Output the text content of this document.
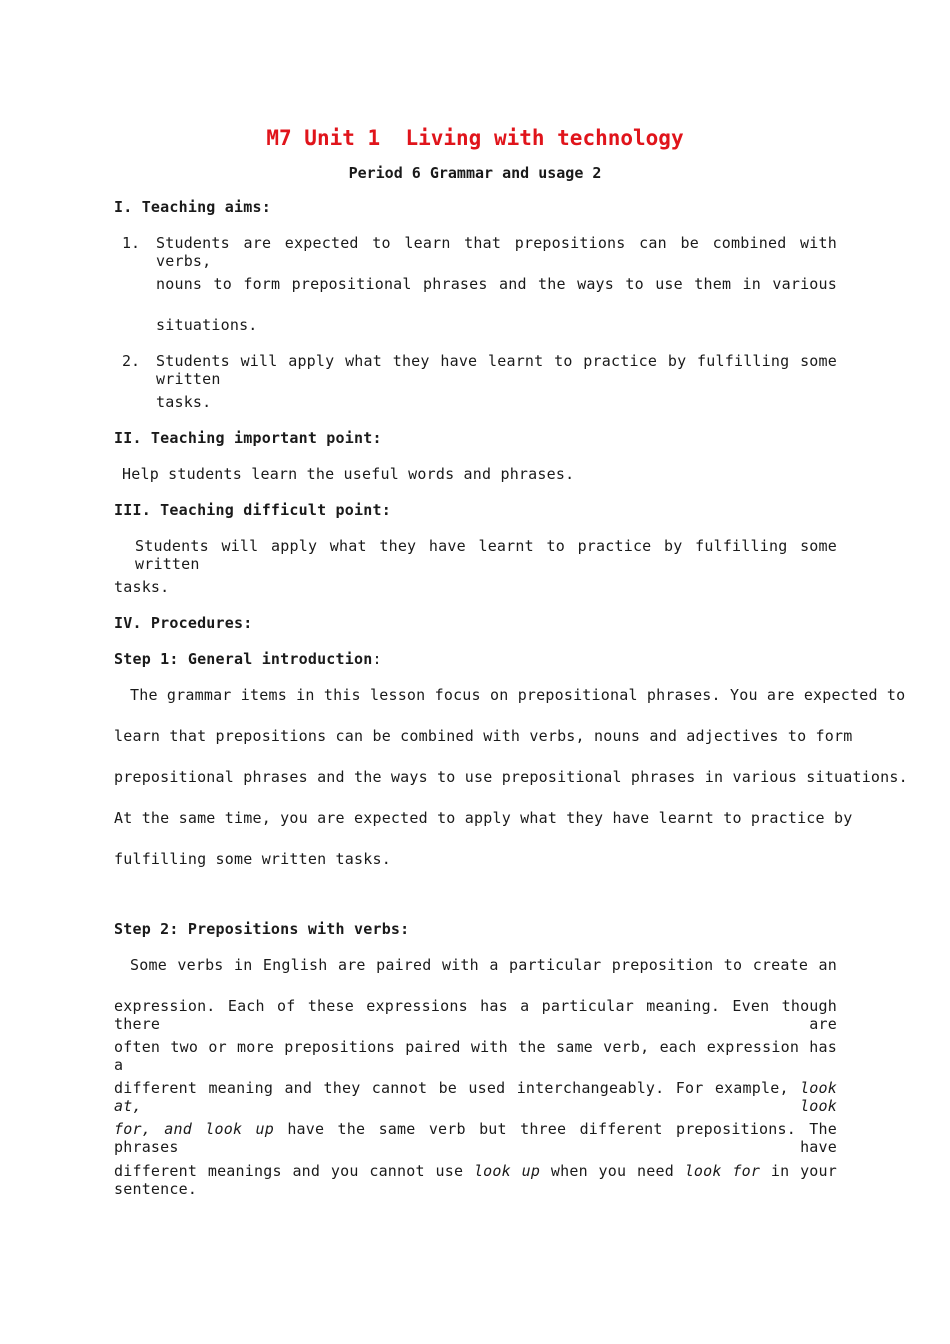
M7 Unit 1  Living with technology

Period 6 Grammar and usage 2

I. Teaching aims:

1. Students are expected to learn that prepositions can be combined with verbs,

nouns to form prepositional phrases and the ways to use them in various

situations.

2. Students will apply what they have learnt to practice by fulfilling some written

tasks.

II. Teaching important point:

Help students learn the useful words and phrases.

III. Teaching difficult point:

Students will apply what they have learnt to practice by fulfilling some written

tasks.

IV. Procedures:

Step 1: General introduction:

The grammar items in this lesson focus on prepositional phrases. You are expected to

learn that prepositions can be combined with verbs, nouns and adjectives to form

prepositional phrases and the ways to use prepositional phrases in various situations.

At the same time, you are expected to apply what they have learnt to practice by

fulfilling some written tasks.

Step 2: Prepositions with verbs:

Some verbs in English are paired with a particular preposition to create an

expression. Each of these expressions has a particular meaning. Even though there are

often two or more prepositions paired with the same verb, each expression has a

different meaning and they cannot be used interchangeably. For example, look at, look

for, and look up have the same verb but three different prepositions. The phrases have

different meanings and you cannot use look up when you need look for in your sentence.
